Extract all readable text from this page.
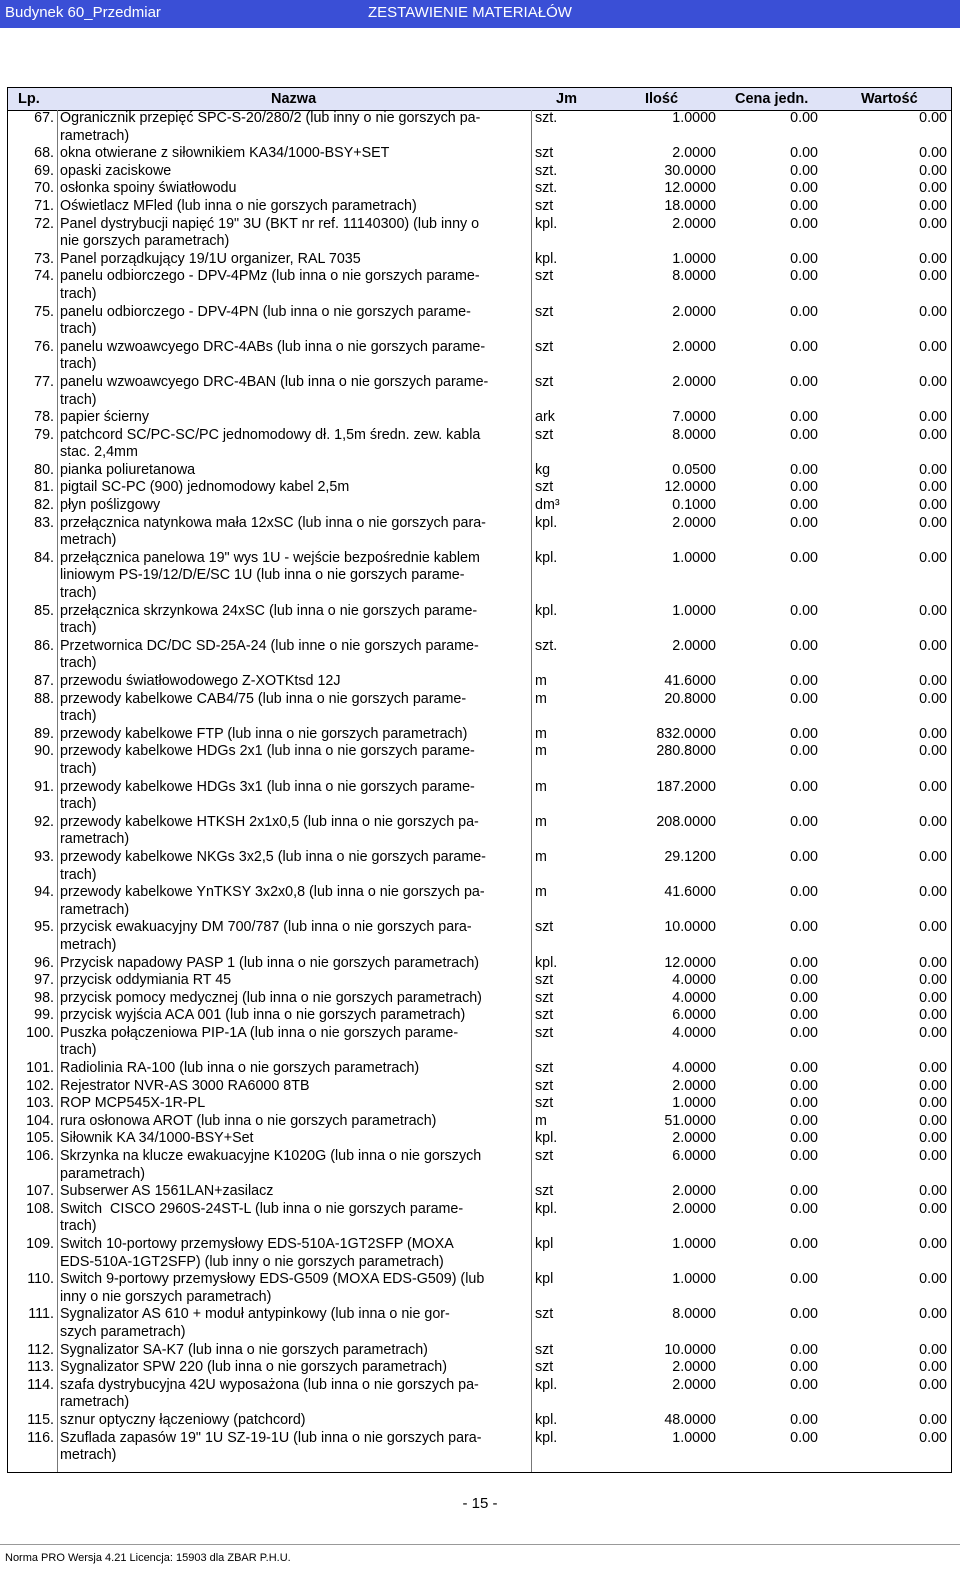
Budynek 60_Przedmiar	ZESTAWIENIE MATERIAŁÓW
Lp.	Nazwa	Jm	Ilość	Cena jedn.	Wartość
67. Ogranicznik przepięć SPC-S-20/280/2 (lub inny o nie gorszych pa-
rametrach)
szt.	1.0000	0.00	0.00
68. okna otwierane z siłownikiem KA34/1000-BSY+SET	szt	2.0000	0.00	0.00
69. opaski zaciskowe	szt.	30.0000	0.00	0.00
70. osłonka spoiny światłowodu	szt.	12.0000	0.00	0.00
71. Oświetlacz MFled (lub inna o nie gorszych parametrach)	szt	18.0000	0.00	0.00
72. Panel dystrybucji napięć 19" 3U (BKT nr ref. 11140300) (lub inny o
nie gorszych parametrach)
kpl.	2.0000	0.00	0.00
73. Panel porządkujący 19/1U organizer, RAL 7035	kpl.	1.0000	0.00	0.00
74. panelu odbiorczego - DPV-4PMz (lub inna o nie gorszych parame-
trach)
szt	8.0000	0.00	0.00
75. panelu odbiorczego - DPV-4PN (lub inna o nie gorszych parame-
trach)
szt	2.0000	0.00	0.00
76. panelu wzwoawcyego DRC-4ABs (lub inna o nie gorszych parame-
trach)
szt	2.0000	0.00	0.00
77. panelu wzwoawcyego DRC-4BAN (lub inna o nie gorszych parame-
trach)
szt	2.0000	0.00	0.00
78. papier ścierny	ark	7.0000	0.00	0.00
79. patchcord SC/PC-SC/PC jednomodowy dł. 1,5m średn. zew. kabla
stac. 2,4mm
szt	8.0000	0.00	0.00
80. pianka poliuretanowa	kg	0.0500	0.00	0.00
81. pigtail SC-PC (900) jednomodowy kabel 2,5m	szt	12.0000	0.00	0.00
82. płyn poślizgowy	dm³	0.1000	0.00	0.00
83. przełącznica natynkowa mała 12xSC (lub inna o nie gorszych para-
metrach)
kpl.	2.0000	0.00	0.00
84. przełącznica panelowa 19" wys 1U - wejście bezpośrednie kablem
liniowym PS-19/12/D/E/SC 1U (lub inna o nie gorszych parame-
trach)
kpl.	1.0000	0.00	0.00
85. przełącznica skrzynkowa 24xSC (lub inna o nie gorszych parame-
trach)
kpl.	1.0000	0.00	0.00
86. Przetwornica DC/DC SD-25A-24 (lub inne o nie gorszych parame-
trach)
szt.	2.0000	0.00	0.00
87. przewodu światłowodowego Z-XOTKtsd 12J	m	41.6000	0.00	0.00
88. przewody kabelkowe CAB4/75 (lub inna o nie gorszych parame-
trach)
m	20.8000	0.00	0.00
89. przewody kabelkowe FTP (lub inna o nie gorszych parametrach)	m	832.0000	0.00	0.00
90. przewody kabelkowe HDGs 2x1 (lub inna o nie gorszych parame-
trach)
m	280.8000	0.00	0.00
91. przewody kabelkowe HDGs 3x1 (lub inna o nie gorszych parame-
trach)
m	187.2000	0.00	0.00
92. przewody kabelkowe HTKSH 2x1x0,5 (lub inna o nie gorszych pa-
rametrach)
m	208.0000	0.00	0.00
93. przewody kabelkowe NKGs 3x2,5 (lub inna o nie gorszych parame-
trach)
m	29.1200	0.00	0.00
94. przewody kabelkowe YnTKSY 3x2x0,8 (lub inna o nie gorszych pa-
rametrach)
m	41.6000	0.00	0.00
95. przycisk ewakuacyjny DM 700/787 (lub inna o nie gorszych para-
metrach)
szt	10.0000	0.00	0.00
96. Przycisk napadowy PASP 1 (lub inna o nie gorszych parametrach)	kpl.	12.0000	0.00	0.00
97. przycisk oddymiania RT 45	szt	4.0000	0.00	0.00
98. przycisk pomocy medycznej (lub inna o nie gorszych parametrach)	szt	4.0000	0.00	0.00
99. przycisk wyjścia ACA 001 (lub inna o nie gorszych parametrach)	szt	6.0000	0.00	0.00
100. Puszka połączeniowa PIP-1A (lub inna o nie gorszych parame-
trach)
szt	4.0000	0.00	0.00
101. Radiolinia RA-100 (lub inna o nie gorszych parametrach)	szt	4.0000	0.00	0.00
102. Rejestrator NVR-AS 3000 RA6000 8TB	szt	2.0000	0.00	0.00
103. ROP MCP545X-1R-PL	szt	1.0000	0.00	0.00
104. rura osłonowa AROT (lub inna o nie gorszych parametrach)	m	51.0000	0.00	0.00
105. Siłownik KA 34/1000-BSY+Set	kpl.	2.0000	0.00	0.00
106. Skrzynka na klucze ewakuacyjne K1020G (lub inna o nie gorszych
parametrach)
szt	6.0000	0.00	0.00
107. Subserwer AS 1561LAN+zasilacz	szt	2.0000	0.00	0.00
108. Switch  CISCO 2960S-24ST-L (lub inna o nie gorszych parame-
trach)
kpl.	2.0000	0.00	0.00
109. Switch 10-portowy przemysłowy EDS-510A-1GT2SFP (MOXA
EDS-510A-1GT2SFP) (lub inny o nie gorszych parametrach)
kpl	1.0000	0.00	0.00
110. Switch 9-portowy przemysłowy EDS-G509 (MOXA EDS-G509) (lub
inny o nie gorszych parametrach)
kpl	1.0000	0.00	0.00
111. Sygnalizator AS 610 + moduł antypinkowy (lub inna o nie gor-
szych parametrach)
szt	8.0000	0.00	0.00
112. Sygnalizator SA-K7 (lub inna o nie gorszych parametrach)	szt	10.0000	0.00	0.00
113. Sygnalizator SPW 220 (lub inna o nie gorszych parametrach)	szt	2.0000	0.00	0.00
114. szafa dystrybucyjna 42U wyposażona (lub inna o nie gorszych pa-
rametrach)
kpl.	2.0000	0.00	0.00
115. sznur optyczny łączeniowy (patchcord)	kpl.	48.0000	0.00	0.00
116. Szuflada zapasów 19" 1U SZ-19-1U (lub inna o nie gorszych para-
metrach)
kpl.	1.0000	0.00	0.00
- 15 -
Norma PRO Wersja 4.21 Licencja: 15903 dla ZBAR P.H.U.
